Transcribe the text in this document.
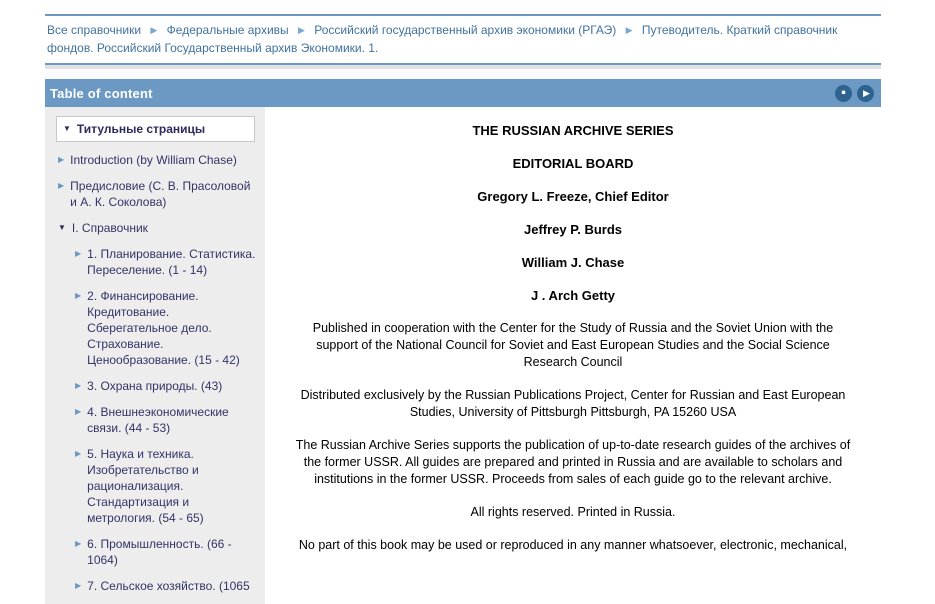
Все справочники ▶ Федеральные архивы ▶ Российский государственный архив экономики (РГАЭ) ▶ Путеводитель. Краткий справочник фондов. Российский Государственный архив Экономики. 1.
Table of content	■ ▶
▼ Титульные страницы
▶ Introduction (by William Chase)
▶ Предисловие (С. В. Прасоловой и А. К. Соколова)
▼ I. Справочник
▶ 1. Планирование. Статистика. Переселение. (1 - 14)
▶ 2. Финансирование. Кредитование. Сберегательное дело. Страхование. Ценообразование. (15 - 42)
▶ 3. Охрана природы. (43)
▶ 4. Внешнеэкономические связи. (44 - 53)
▶ 5. Наука и техника. Изобретательство и рационализация. Стандартизация и метрология. (54 - 65)
▶ 6. Промышленность. (66 - 1064)
▶ 7. Сельское хозяйство. (1065

THE RUSSIAN ARCHIVE SERIES

EDITORIAL BOARD

Gregory L. Freeze, Chief Editor

Jeffrey P. Burds

William J. Chase

J . Arch Getty

Published in cooperation with the Center for the Study of Russia and the Soviet Union with the
support of the National Council for Soviet and East European Studies and the Social Science
Research Council
Distributed exclusively by the Russian Publications Project, Center for Russian and East European
Studies, University of Pittsburgh Pittsburgh, PA 15260 USA
The Russian Archive Series supports the publication of up-to-date research guides of the archives of
the former USSR. All guides are prepared and printed in Russia and are available to scholars and
institutions in the former USSR. Proceeds from sales of each guide go to the relevant archive.
All rights reserved. Printed in Russia.
No part of this book may be used or reproduced in any manner whatsoever, electronic, mechanical,
